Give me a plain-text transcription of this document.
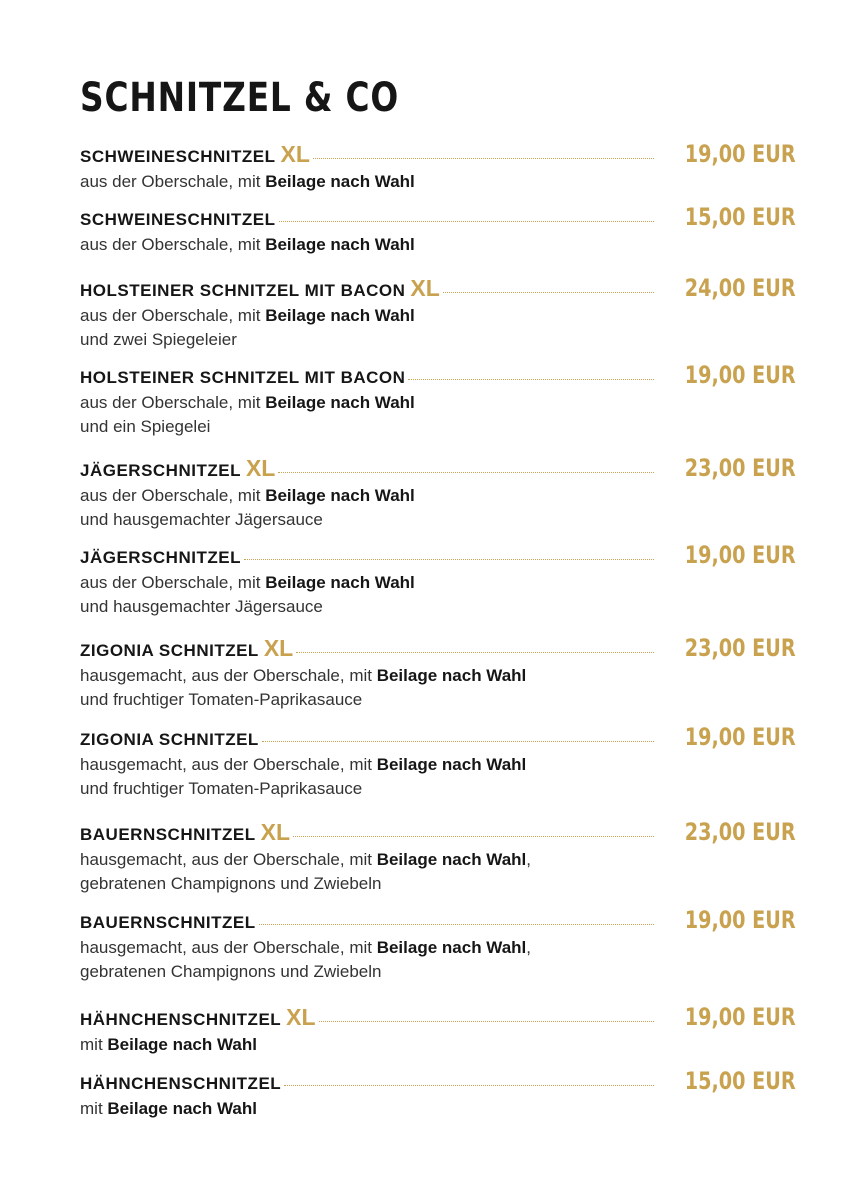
SCHNITZEL & CO
SCHWEINESCHNITZEL XL	19,00 EUR
aus der Oberschale, mit Beilage nach Wahl
SCHWEINESCHNITZEL	15,00 EUR
aus der Oberschale, mit Beilage nach Wahl
HOLSTEINER SCHNITZEL MIT BACON XL	24,00 EUR
aus der Oberschale, mit Beilage nach Wahl
und zwei Spiegeleier
HOLSTEINER SCHNITZEL MIT BACON	19,00 EUR
aus der Oberschale, mit Beilage nach Wahl
und ein Spiegelei
JÄGERSCHNITZEL XL	23,00 EUR
aus der Oberschale, mit Beilage nach Wahl
und hausgemachter Jägersauce
JÄGERSCHNITZEL	19,00 EUR
aus der Oberschale, mit Beilage nach Wahl
und hausgemachter Jägersauce
ZIGONIA SCHNITZEL XL	23,00 EUR
hausgemacht, aus der Oberschale, mit Beilage nach Wahl
und fruchtiger Tomaten-Paprikasauce
ZIGONIA SCHNITZEL	19,00 EUR
hausgemacht, aus der Oberschale, mit Beilage nach Wahl
und fruchtiger Tomaten-Paprikasauce
BAUERNSCHNITZEL XL	23,00 EUR
hausgemacht, aus der Oberschale, mit Beilage nach Wahl,
gebratenen Champignons und Zwiebeln
BAUERNSCHNITZEL	19,00 EUR
hausgemacht, aus der Oberschale, mit Beilage nach Wahl,
gebratenen Champignons und Zwiebeln
HÄHNCHENSCHNITZEL XL	19,00 EUR
mit Beilage nach Wahl
HÄHNCHENSCHNITZEL	15,00 EUR
mit Beilage nach Wahl
